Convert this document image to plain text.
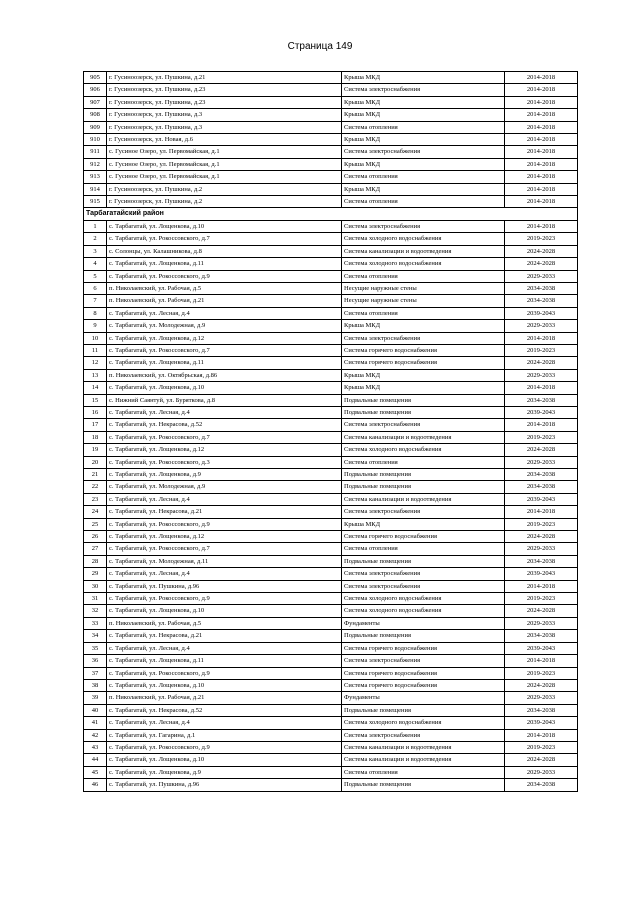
Страница 149
905	г. Гусиноозерск, ул. Пушкина, д.21	Крыша МКД	2014-2018
906	г. Гусиноозерск, ул. Пушкина, д.23	Система электроснабжения	2014-2018
907	г. Гусиноозерск, ул. Пушкина, д.23	Крыша МКД	2014-2018
908	г. Гусиноозерск, ул. Пушкина, д.3	Крыша МКД	2014-2018
909	г. Гусиноозерск, ул. Пушкина, д.3	Система отопления	2014-2018
910	г. Гусиноозерск, ул. Новая, д.6	Крыша МКД	2014-2018
911	с. Гусиное Озеро, ул. Первомайская, д.1	Система электроснабжения	2014-2018
912	с. Гусиное Озеро, ул. Первомайская, д.1	Крыша МКД	2014-2018
913	с. Гусиное Озеро, ул. Первомайская, д.1	Система отопления	2014-2018
914	г. Гусиноозерск, ул. Пушкина, д.2	Крыша МКД	2014-2018
915	г. Гусиноозерск, ул. Пушкина, д.2	Система отопления	2014-2018
Тарбагатайский район			
1	с. Тарбагатай, ул. Лощенкова, д.10	Система электроснабжения	2014-2018
2	с. Тарбагатай, ул. Рокоссовского, д.7	Система холодного водоснабжения	2019-2023
3	с. Солонцы, ул. Калашникова, д.8	Система канализации и водоотведения	2024-2028
4	с. Тарбагатай, ул. Лощенкова, д.11	Система холодного водоснабжения	2024-2028
5	с. Тарбагатай, ул. Рокоссовского, д.9	Система отопления	2029-2033
6	п. Николаевский, ул. Рабочая, д.5	Несущие наружные стены	2034-2038
7	п. Николаевский, ул. Рабочая, д.21	Несущие наружные стены	2034-2038
8	с. Тарбагатай, ул. Лесная, д.4	Система отопления	2039-2043
9	с. Тарбагатай, ул. Молодежная, д.9	Крыша МКД	2029-2033
10	с. Тарбагатай, ул. Лощенкова, д.12	Система электроснабжения	2014-2018
11	с. Тарбагатай, ул. Рокоссовского, д.7	Система горячего водоснабжения	2019-2023
12	с. Тарбагатай, ул. Лощенкова, д.11	Система горячего водоснабжения	2024-2028
13	п. Николаевский, ул. Октябрьская, д.86	Крыша МКД	2029-2033
14	с. Тарбагатай, ул. Лощенкова, д.10	Крыша МКД	2014-2018
15	с. Нижний Саянтуй, ул. Буряткова, д.8	Подвальные помещения	2034-2038
16	с. Тарбагатай, ул. Лесная, д.4	Подвальные помещения	2039-2043
17	с. Тарбагатай, ул. Некрасова, д.52	Система электроснабжения	2014-2018
18	с. Тарбагатай, ул. Рокоссовского, д.7	Система канализации и водоотведения	2019-2023
19	с. Тарбагатай, ул. Лощенкова, д.12	Система холодного водоснабжения	2024-2028
20	с. Тарбагатай, ул. Рокоссовского, д.3	Система отопления	2029-2033
21	с. Тарбагатай, ул. Лощенкова, д.9	Подвальные помещения	2034-2038
22	с. Тарбагатай, ул. Молодежная, д.9	Подвальные помещения	2034-2038
23	с. Тарбагатай, ул. Лесная, д.4	Система канализации и водоотведения	2039-2043
24	с. Тарбагатай, ул. Некрасова, д.21	Система электроснабжения	2014-2018
25	с. Тарбагатай, ул. Рокоссовского, д.9	Крыша МКД	2019-2023
26	с. Тарбагатай, ул. Лощенкова, д.12	Система горячего водоснабжения	2024-2028
27	с. Тарбагатай, ул. Рокоссовского, д.7	Система отопления	2029-2033
28	с. Тарбагатай, ул. Молодежная, д.11	Подвальные помещения	2034-2038
29	с. Тарбагатай, ул. Лесная, д.4	Система электроснабжения	2039-2043
30	с. Тарбагатай, ул. Пушкина, д.96	Система электроснабжения	2014-2018
31	с. Тарбагатай, ул. Рокоссовского, д.9	Система холодного водоснабжения	2019-2023
32	с. Тарбагатай, ул. Лощенкова, д.10	Система холодного водоснабжения	2024-2028
33	п. Николаевский, ул. Рабочая, д.5	Фундаменты	2029-2033
34	с. Тарбагатай, ул. Некрасова, д.21	Подвальные помещения	2034-2038
35	с. Тарбагатай, ул. Лесная, д.4	Система горячего водоснабжения	2039-2043
36	с. Тарбагатай, ул. Лощенкова, д.11	Система электроснабжения	2014-2018
37	с. Тарбагатай, ул. Рокоссовского, д.9	Система горячего водоснабжения	2019-2023
38	с. Тарбагатай, ул. Лощенкова, д.10	Система горячего водоснабжения	2024-2028
39	п. Николаевский, ул. Рабочая, д.21	Фундаменты	2029-2033
40	с. Тарбагатай, ул. Некрасова, д.52	Подвальные помещения	2034-2038
41	с. Тарбагатай, ул. Лесная, д.4	Система холодного водоснабжения	2039-2043
42	с. Тарбагатай, ул. Гагарина, д.1	Система электроснабжения	2014-2018
43	с. Тарбагатай, ул. Рокоссовского, д.9	Система канализации и водоотведения	2019-2023
44	с. Тарбагатай, ул. Лощенкова, д.10	Система канализации и водоотведения	2024-2028
45	с. Тарбагатай, ул. Лощенкова, д.9	Система отопления	2029-2033
46	с. Тарбагатай, ул. Пушкина, д.96	Подвальные помещения	2034-2038
